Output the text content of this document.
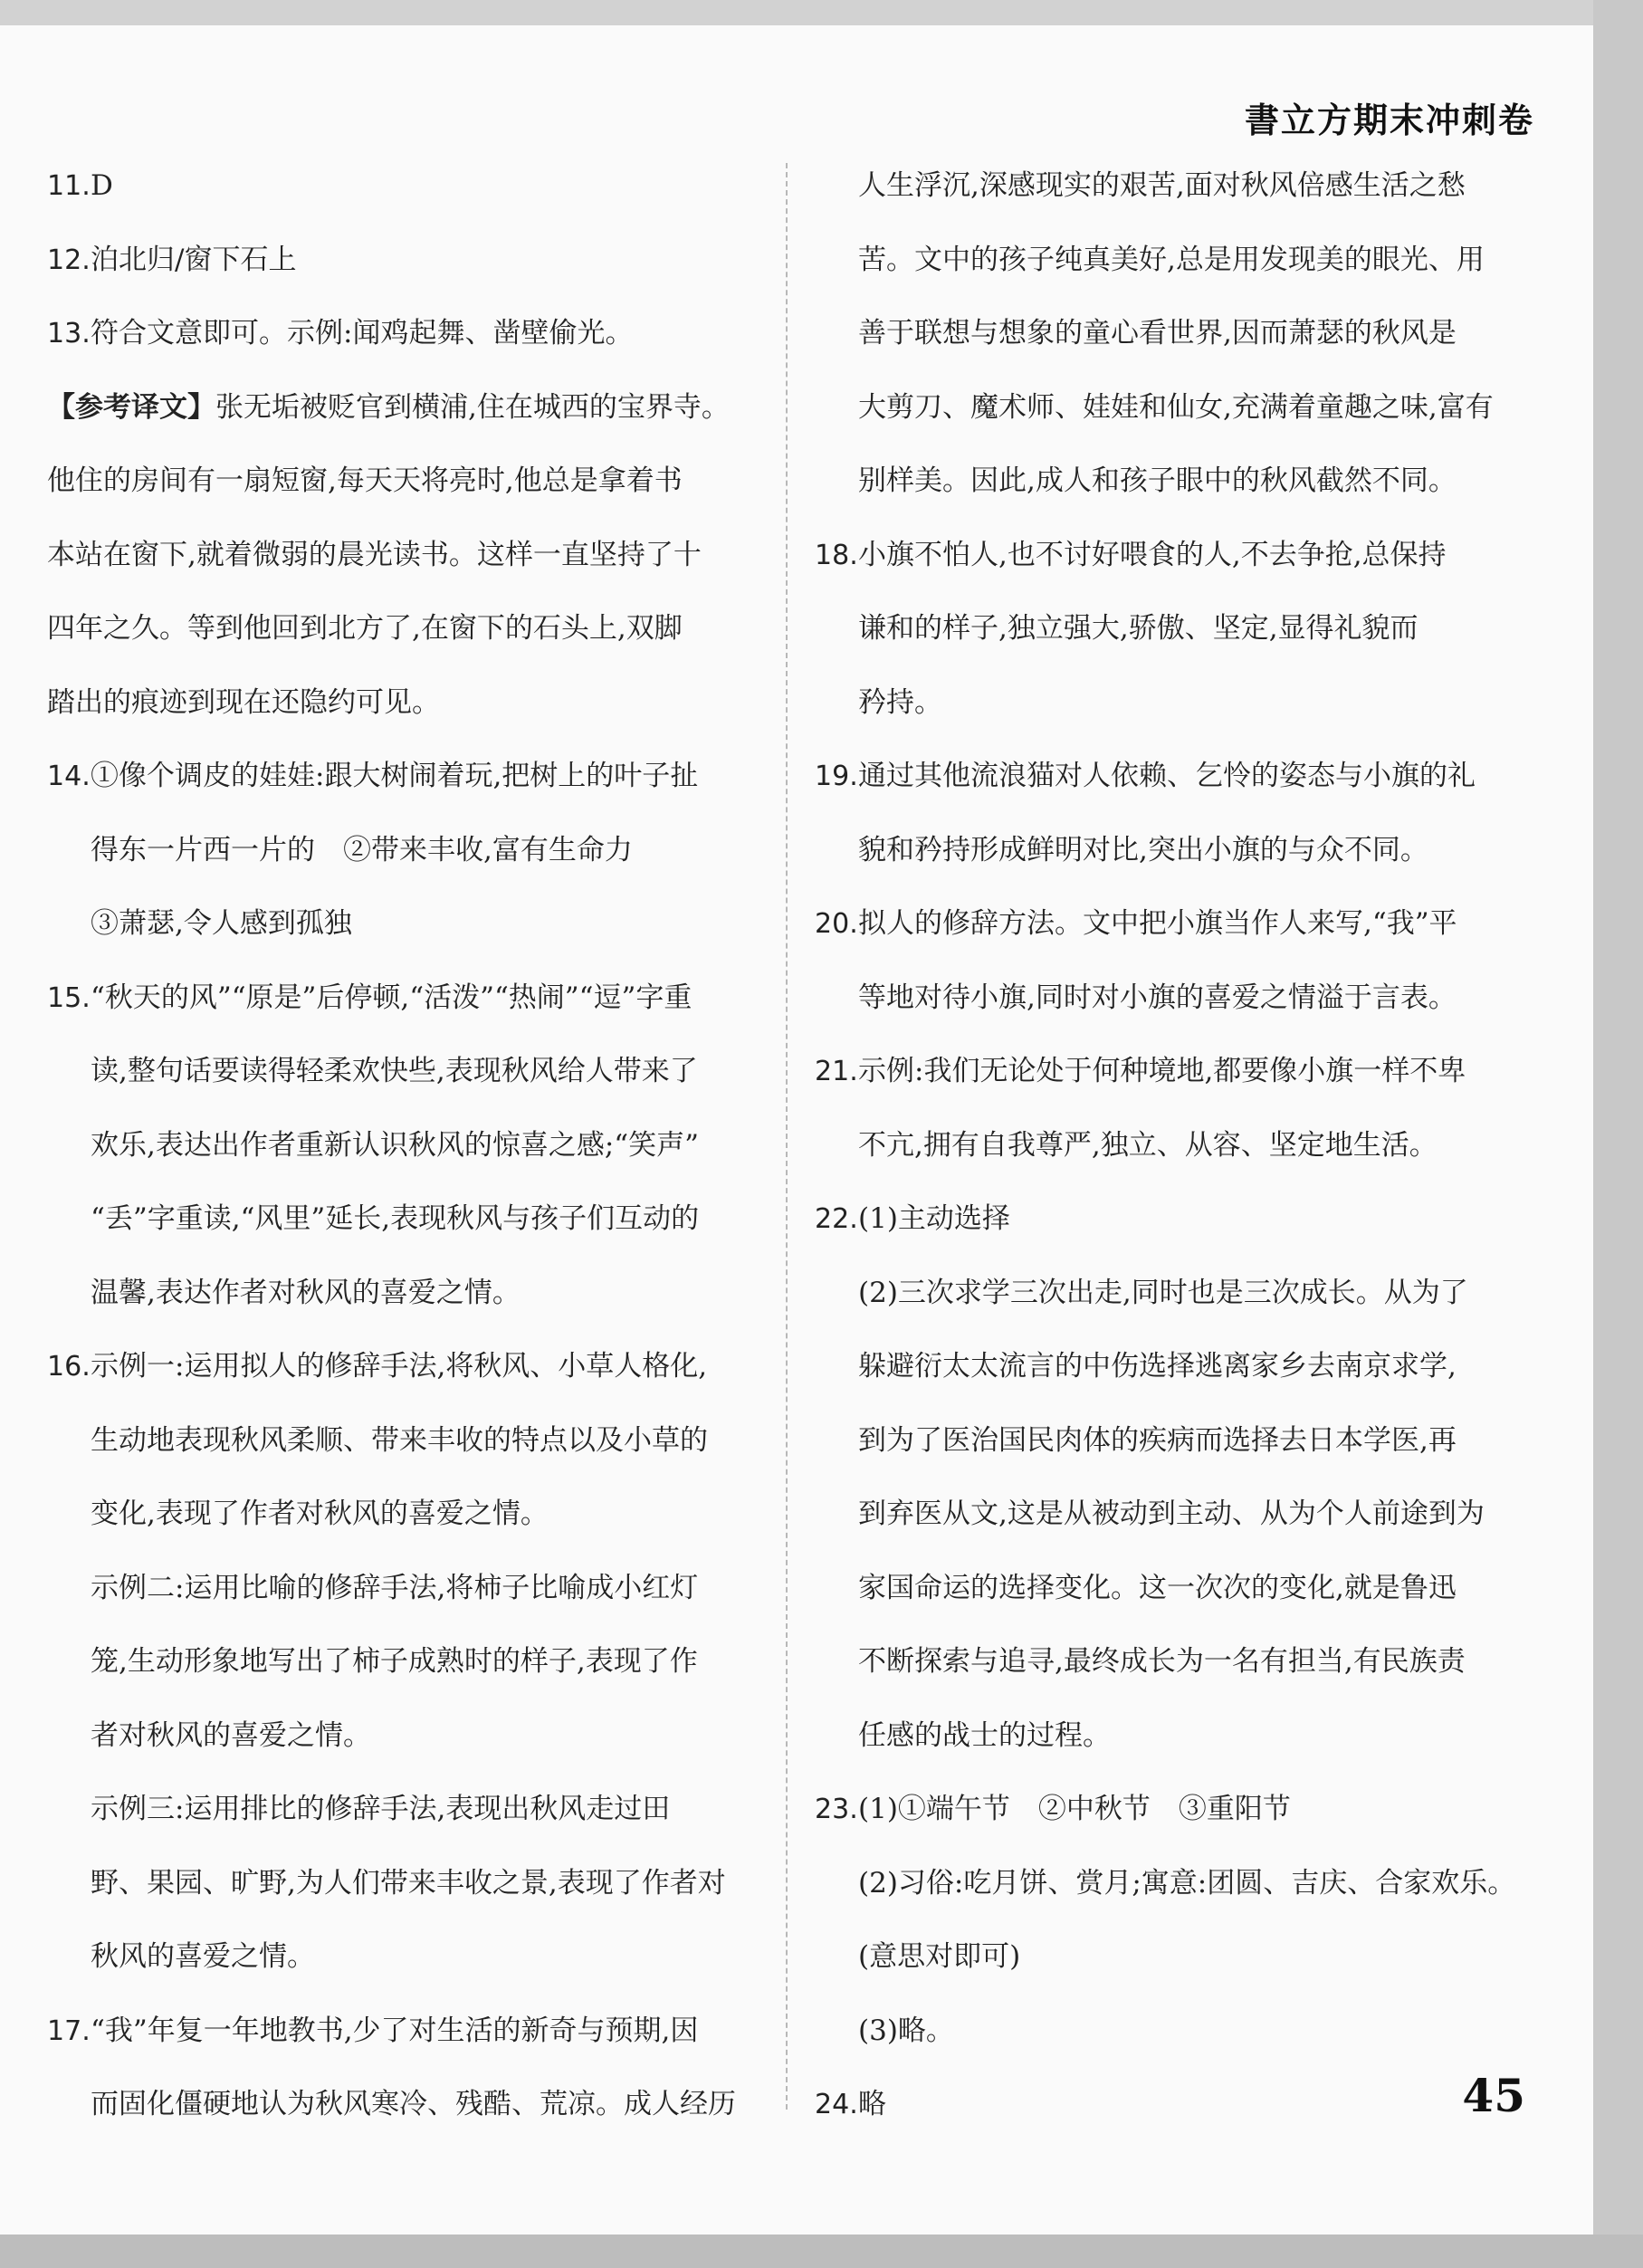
書立方期末冲刺卷
11 . D
12 . 泊北归/窗下石上
13 . 符合文意即可。示例:闻鸡起舞、凿壁偷光。
【参考译文】张无垢被贬官到横浦,住在城西的宝界寺。
他住的房间有一扇短窗,每天天将亮时,他总是拿着书
本站在窗下,就着微弱的晨光读书。这样一直坚持了十
四年之久。等到他回到北方了,在窗下的石头上,双脚
踏出的痕迹到现在还隐约可见。
14 . ①像个调皮的娃娃:跟大树闹着玩,把树上的叶子扯
得东一片西一片的　②带来丰收,富有生命力
③萧瑟,令人感到孤独
15 . “秋天的风”“原是”后停顿,“活泼”“热闹”“逗”字重
读,整句话要读得轻柔欢快些,表现秋风给人带来了
欢乐,表达出作者重新认识秋风的惊喜之感;“笑声”
“丢”字重读,“风里”延长,表现秋风与孩子们互动的
温馨,表达作者对秋风的喜爱之情。
16 . 示例一:运用拟人的修辞手法,将秋风、小草人格化,
生动地表现秋风柔顺、带来丰收的特点以及小草的
变化,表现了作者对秋风的喜爱之情。
示例二:运用比喻的修辞手法,将柿子比喻成小红灯
笼,生动形象地写出了柿子成熟时的样子,表现了作
者对秋风的喜爱之情。
示例三:运用排比的修辞手法,表现出秋风走过田
野、果园、旷野,为人们带来丰收之景,表现了作者对
秋风的喜爱之情。
17 . “我”年复一年地教书,少了对生活的新奇与预期,因
而固化僵硬地认为秋风寒冷、残酷、荒凉。成人经历
人生浮沉,深感现实的艰苦,面对秋风倍感生活之愁
苦。文中的孩子纯真美好,总是用发现美的眼光、用
善于联想与想象的童心看世界,因而萧瑟的秋风是
大剪刀、魔术师、娃娃和仙女,充满着童趣之味,富有
别样美。因此,成人和孩子眼中的秋风截然不同。
18 . 小旗不怕人,也不讨好喂食的人,不去争抢,总保持
谦和的样子,独立强大,骄傲、坚定,显得礼貌而
矜持。
19 . 通过其他流浪猫对人依赖、乞怜的姿态与小旗的礼
貌和矜持形成鲜明对比,突出小旗的与众不同。
20 . 拟人的修辞方法。文中把小旗当作人来写,“我”平
等地对待小旗,同时对小旗的喜爱之情溢于言表。
21 . 示例:我们无论处于何种境地,都要像小旗一样不卑
不亢,拥有自我尊严,独立、从容、坚定地生活。
22 . (1)主动选择
(2)三次求学三次出走,同时也是三次成长。从为了
躲避衍太太流言的中伤选择逃离家乡去南京求学,
到为了医治国民肉体的疾病而选择去日本学医,再
到弃医从文,这是从被动到主动、从为个人前途到为
家国命运的选择变化。这一次次的变化,就是鲁迅
不断探索与追寻,最终成长为一名有担当,有民族责
任感的战士的过程。
23 . (1)①端午节　②中秋节　③重阳节
(2)习俗:吃月饼、赏月;寓意:团圆、吉庆、合家欢乐。
(意思对即可)
(3)略。
24 . 略	45
